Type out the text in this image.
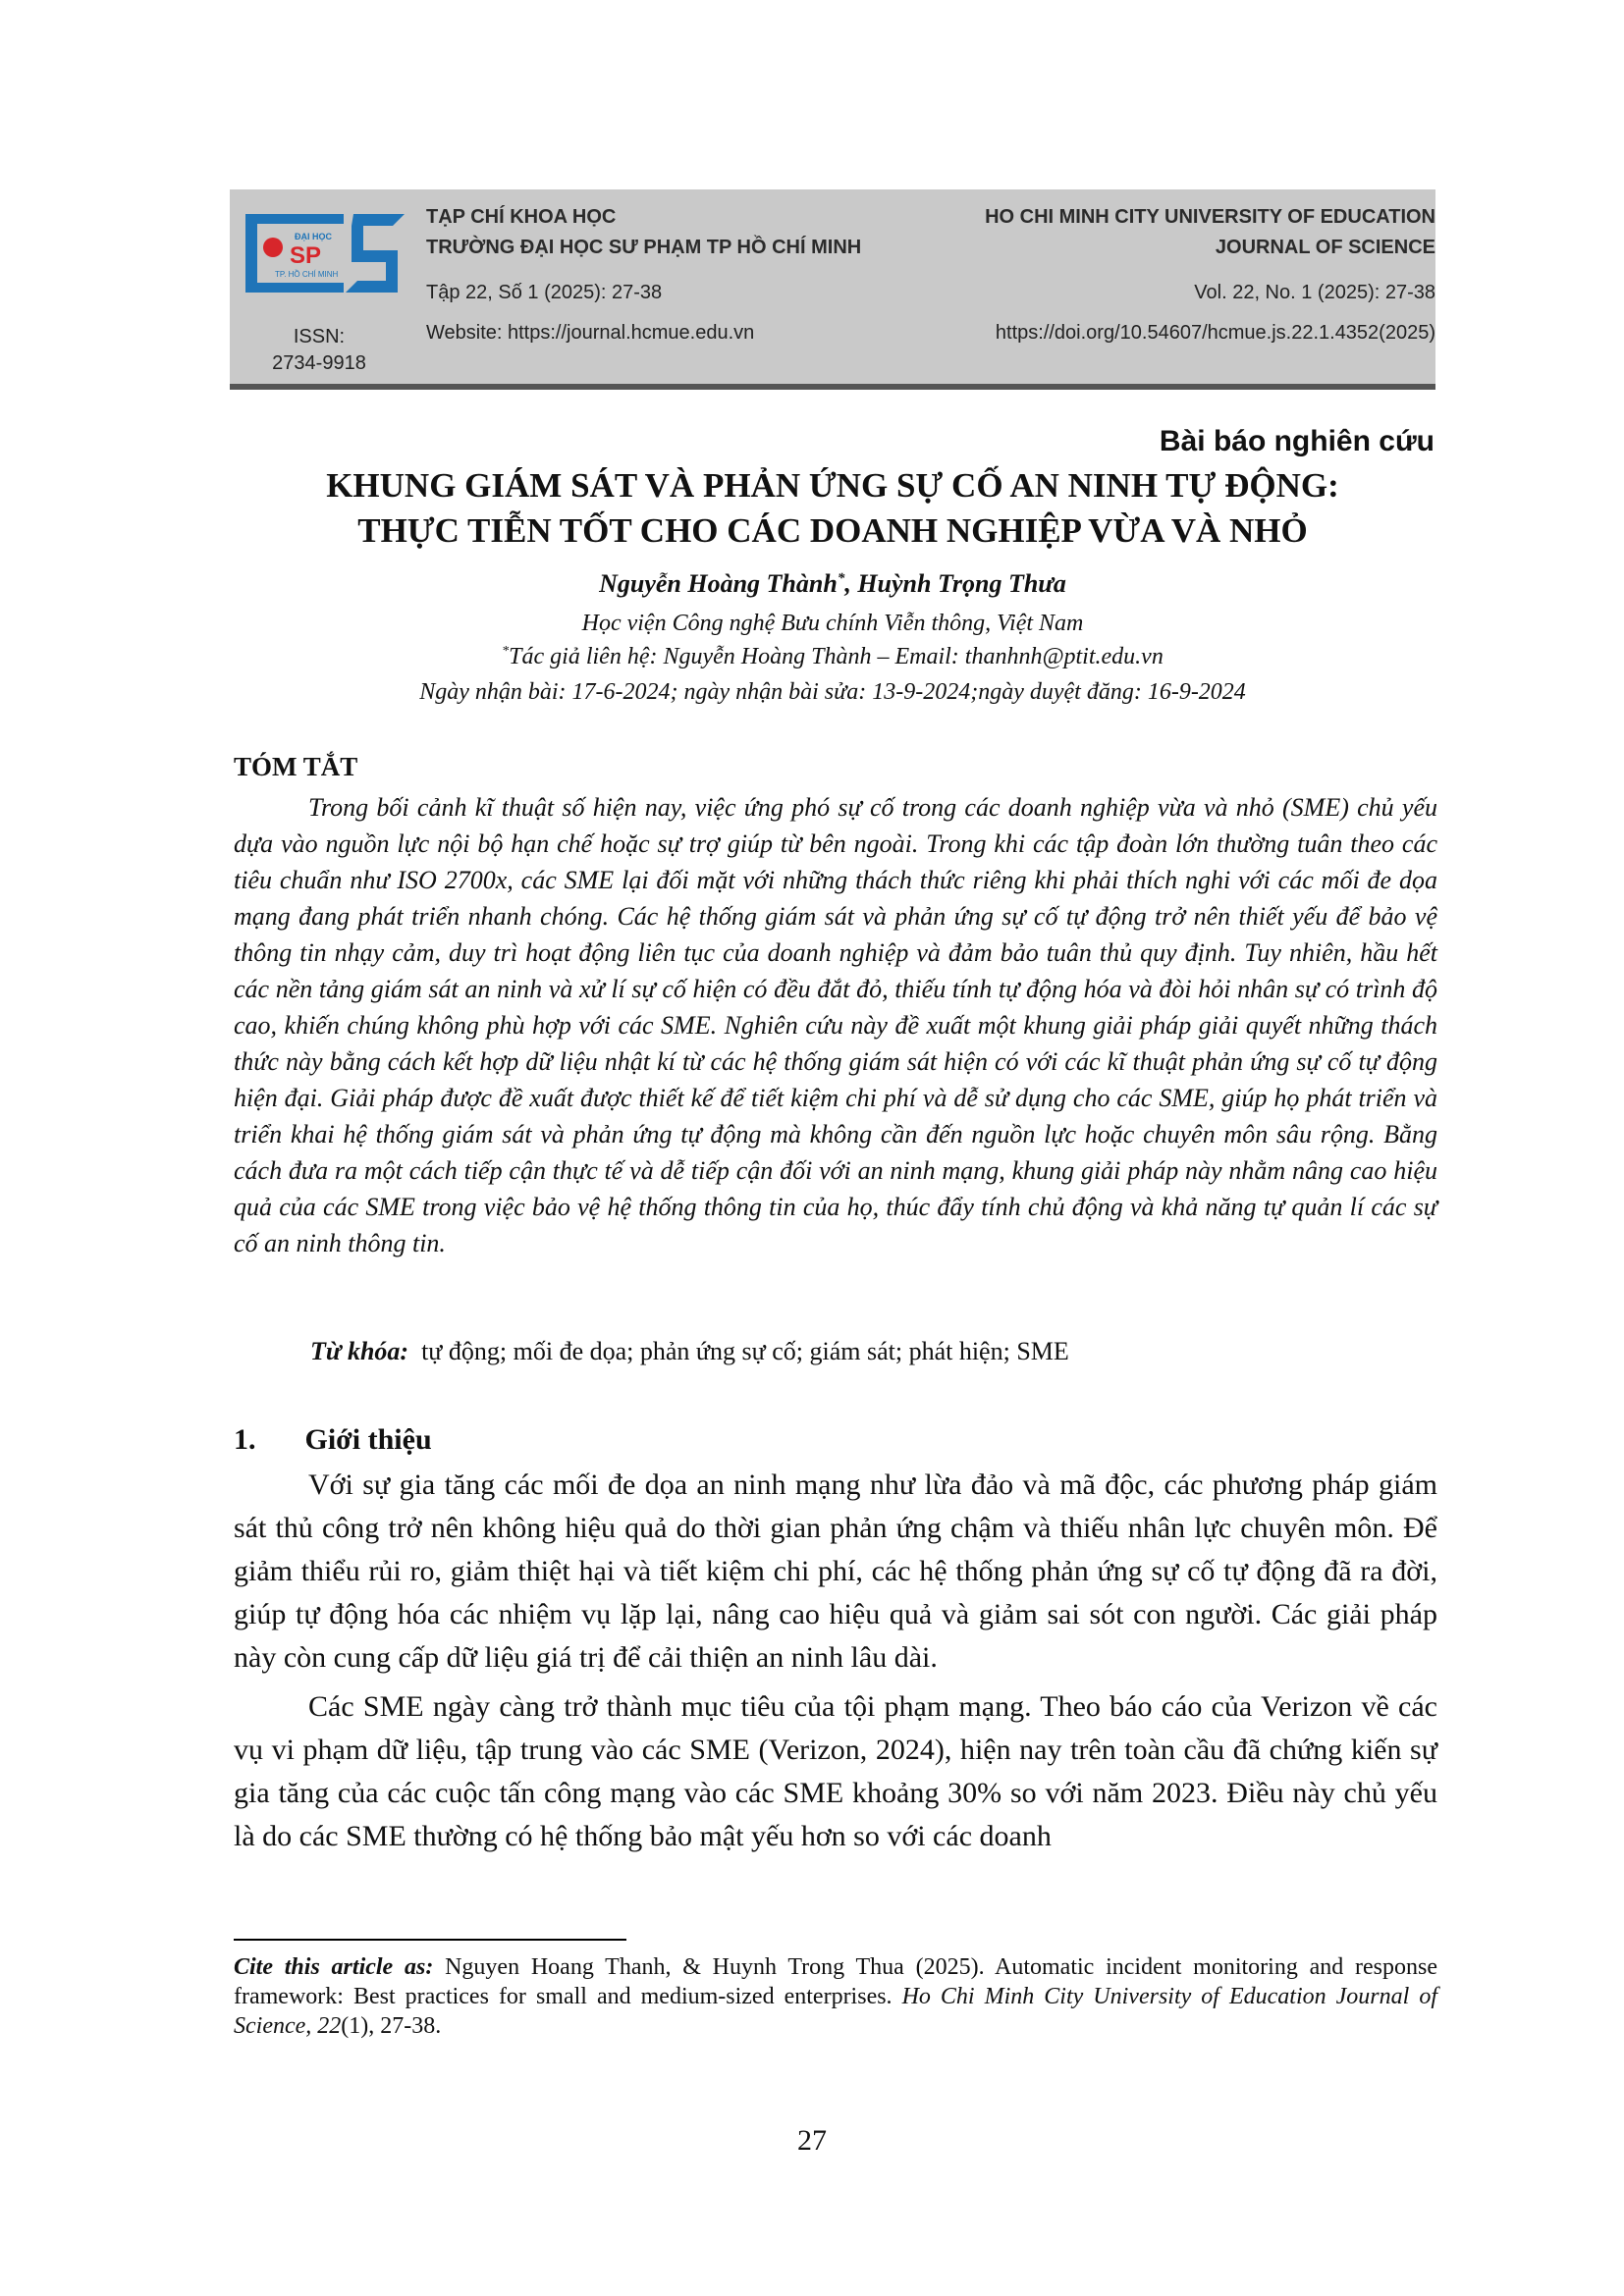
ĐẠI HỌC
SP
TP. HỒ CHÍ MINH
ISSN:
2734-9918
TẠP CHÍ KHOA HỌC
TRƯỜNG ĐẠI HỌC SƯ PHẠM TP HỒ CHÍ MINH
HO CHI MINH CITY UNIVERSITY OF EDUCATION
JOURNAL OF SCIENCE
Tập 22, Số 1 (2025): 27-38	Vol. 22, No. 1 (2025): 27-38
Website: https://journal.hcmue.edu.vn	https://doi.org/10.54607/hcmue.js.22.1.4352(2025)
Bài báo nghiên cứu
KHUNG GIÁM SÁT VÀ PHẢN ỨNG SỰ CỐ AN NINH TỰ ĐỘNG:
THỰC TIỄN TỐT CHO CÁC DOANH NGHIỆP VỪA VÀ NHỎ
Nguyễn Hoàng Thành*, Huỳnh Trọng Thưa
Học viện Công nghệ Bưu chính Viễn thông, Việt Nam
*Tác giả liên hệ: Nguyễn Hoàng Thành – Email: thanhnh@ptit.edu.vn
Ngày nhận bài: 17-6-2024; ngày nhận bài sửa: 13-9-2024;ngày duyệt đăng: 16-9-2024
TÓM TẮT

Trong bối cảnh kĩ thuật số hiện nay, việc ứng phó sự cố trong các doanh nghiệp vừa và nhỏ (SME) chủ yếu dựa vào nguồn lực nội bộ hạn chế hoặc sự trợ giúp từ bên ngoài. Trong khi các tập đoàn lớn thường tuân theo các tiêu chuẩn như ISO 2700x, các SME lại đối mặt với những thách thức riêng khi phải thích nghi với các mối đe dọa mạng đang phát triển nhanh chóng. Các hệ thống giám sát và phản ứng sự cố tự động trở nên thiết yếu để bảo vệ thông tin nhạy cảm, duy trì hoạt động liên tục của doanh nghiệp và đảm bảo tuân thủ quy định. Tuy nhiên, hầu hết các nền tảng giám sát an ninh và xử lí sự cố hiện có đều đắt đỏ, thiếu tính tự động hóa và đòi hỏi nhân sự có trình độ cao, khiến chúng không phù hợp với các SME. Nghiên cứu này đề xuất một khung giải pháp giải quyết những thách thức này bằng cách kết hợp dữ liệu nhật kí từ các hệ thống giám sát hiện có với các kĩ thuật phản ứng sự cố tự động hiện đại. Giải pháp được đề xuất được thiết kế để tiết kiệm chi phí và dễ sử dụng cho các SME, giúp họ phát triển và triển khai hệ thống giám sát và phản ứng tự động mà không cần đến nguồn lực hoặc chuyên môn sâu rộng. Bằng cách đưa ra một cách tiếp cận thực tế và dễ tiếp cận đối với an ninh mạng, khung giải pháp này nhằm nâng cao hiệu quả của các SME trong việc bảo vệ hệ thống thông tin của họ, thúc đẩy tính chủ động và khả năng tự quản lí các sự cố an ninh thông tin.

Từ khóa: tự động; mối đe dọa; phản ứng sự cố; giám sát; phát hiện; SME
1. Giới thiệu

Với sự gia tăng các mối đe dọa an ninh mạng như lừa đảo và mã độc, các phương pháp giám sát thủ công trở nên không hiệu quả do thời gian phản ứng chậm và thiếu nhân lực chuyên môn. Để giảm thiểu rủi ro, giảm thiệt hại và tiết kiệm chi phí, các hệ thống phản ứng sự cố tự động đã ra đời, giúp tự động hóa các nhiệm vụ lặp lại, nâng cao hiệu quả và giảm sai sót con người. Các giải pháp này còn cung cấp dữ liệu giá trị để cải thiện an ninh lâu dài.

Các SME ngày càng trở thành mục tiêu của tội phạm mạng. Theo báo cáo của Verizon về các vụ vi phạm dữ liệu, tập trung vào các SME (Verizon, 2024), hiện nay trên toàn cầu đã chứng kiến sự gia tăng của các cuộc tấn công mạng vào các SME khoảng 30% so với năm 2023. Điều này chủ yếu là do các SME thường có hệ thống bảo mật yếu hơn so với các doanh

Cite this article as: Nguyen Hoang Thanh, & Huynh Trong Thua (2025). Automatic incident monitoring and response framework: Best practices for small and medium-sized enterprises. Ho Chi Minh City University of Education Journal of Science, 22(1), 27-38.
27
